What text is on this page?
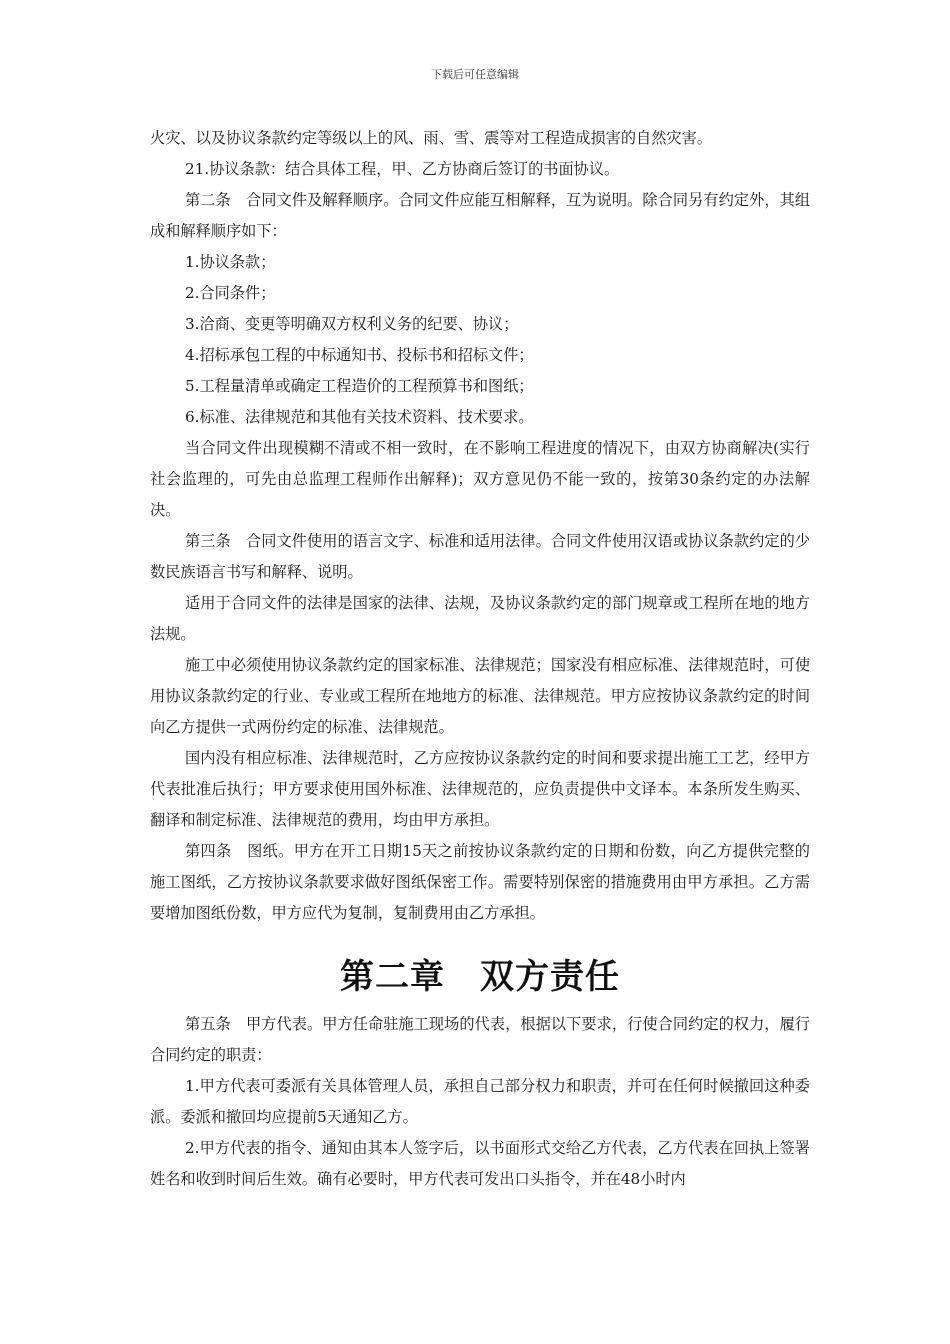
下载后可任意编辑

火灾、以及协议条款约定等级以上的风、雨、雪、震等对工程造成损害的自然灾害。

21.协议条款：结合具体工程，甲、乙方协商后签订的书面协议。

第二条　合同文件及解释顺序。合同文件应能互相解释，互为说明。除合同另有约定外，其组成和解释顺序如下：

1.协议条款；

2.合同条件；

3.洽商、变更等明确双方权利义务的纪要、协议；

4.招标承包工程的中标通知书、投标书和招标文件；

5.工程量清单或确定工程造价的工程预算书和图纸；

6.标准、法律规范和其他有关技术资料、技术要求。

当合同文件出现模糊不清或不相一致时，在不影响工程进度的情况下，由双方协商解决(实行社会监理的，可先由总监理工程师作出解释)；双方意见仍不能一致的，按第30条约定的办法解决。

第三条　合同文件使用的语言文字、标准和适用法律。合同文件使用汉语或协议条款约定的少数民族语言书写和解释、说明。

适用于合同文件的法律是国家的法律、法规，及协议条款约定的部门规章或工程所在地的地方法规。

施工中必须使用协议条款约定的国家标准、法律规范；国家没有相应标准、法律规范时，可使用协议条款约定的行业、专业或工程所在地地方的标准、法律规范。甲方应按协议条款约定的时间向乙方提供一式两份约定的标准、法律规范。

国内没有相应标准、法律规范时，乙方应按协议条款约定的时间和要求提出施工工艺，经甲方代表批准后执行；甲方要求使用国外标准、法律规范的，应负责提供中文译本。本条所发生购买、翻译和制定标准、法律规范的费用，均由甲方承担。

第四条　图纸。甲方在开工日期15天之前按协议条款约定的日期和份数，向乙方提供完整的施工图纸，乙方按协议条款要求做好图纸保密工作。需要特别保密的措施费用由甲方承担。乙方需要增加图纸份数，甲方应代为复制，复制费用由乙方承担。

第二章　双方责任

第五条　甲方代表。甲方任命驻施工现场的代表，根据以下要求，行使合同约定的权力，履行合同约定的职责：

1.甲方代表可委派有关具体管理人员，承担自己部分权力和职责，并可在任何时候撤回这种委派。委派和撤回均应提前5天通知乙方。

2.甲方代表的指令、通知由其本人签字后，以书面形式交给乙方代表，乙方代表在回执上签署姓名和收到时间后生效。确有必要时，甲方代表可发出口头指令，并在48小时内
